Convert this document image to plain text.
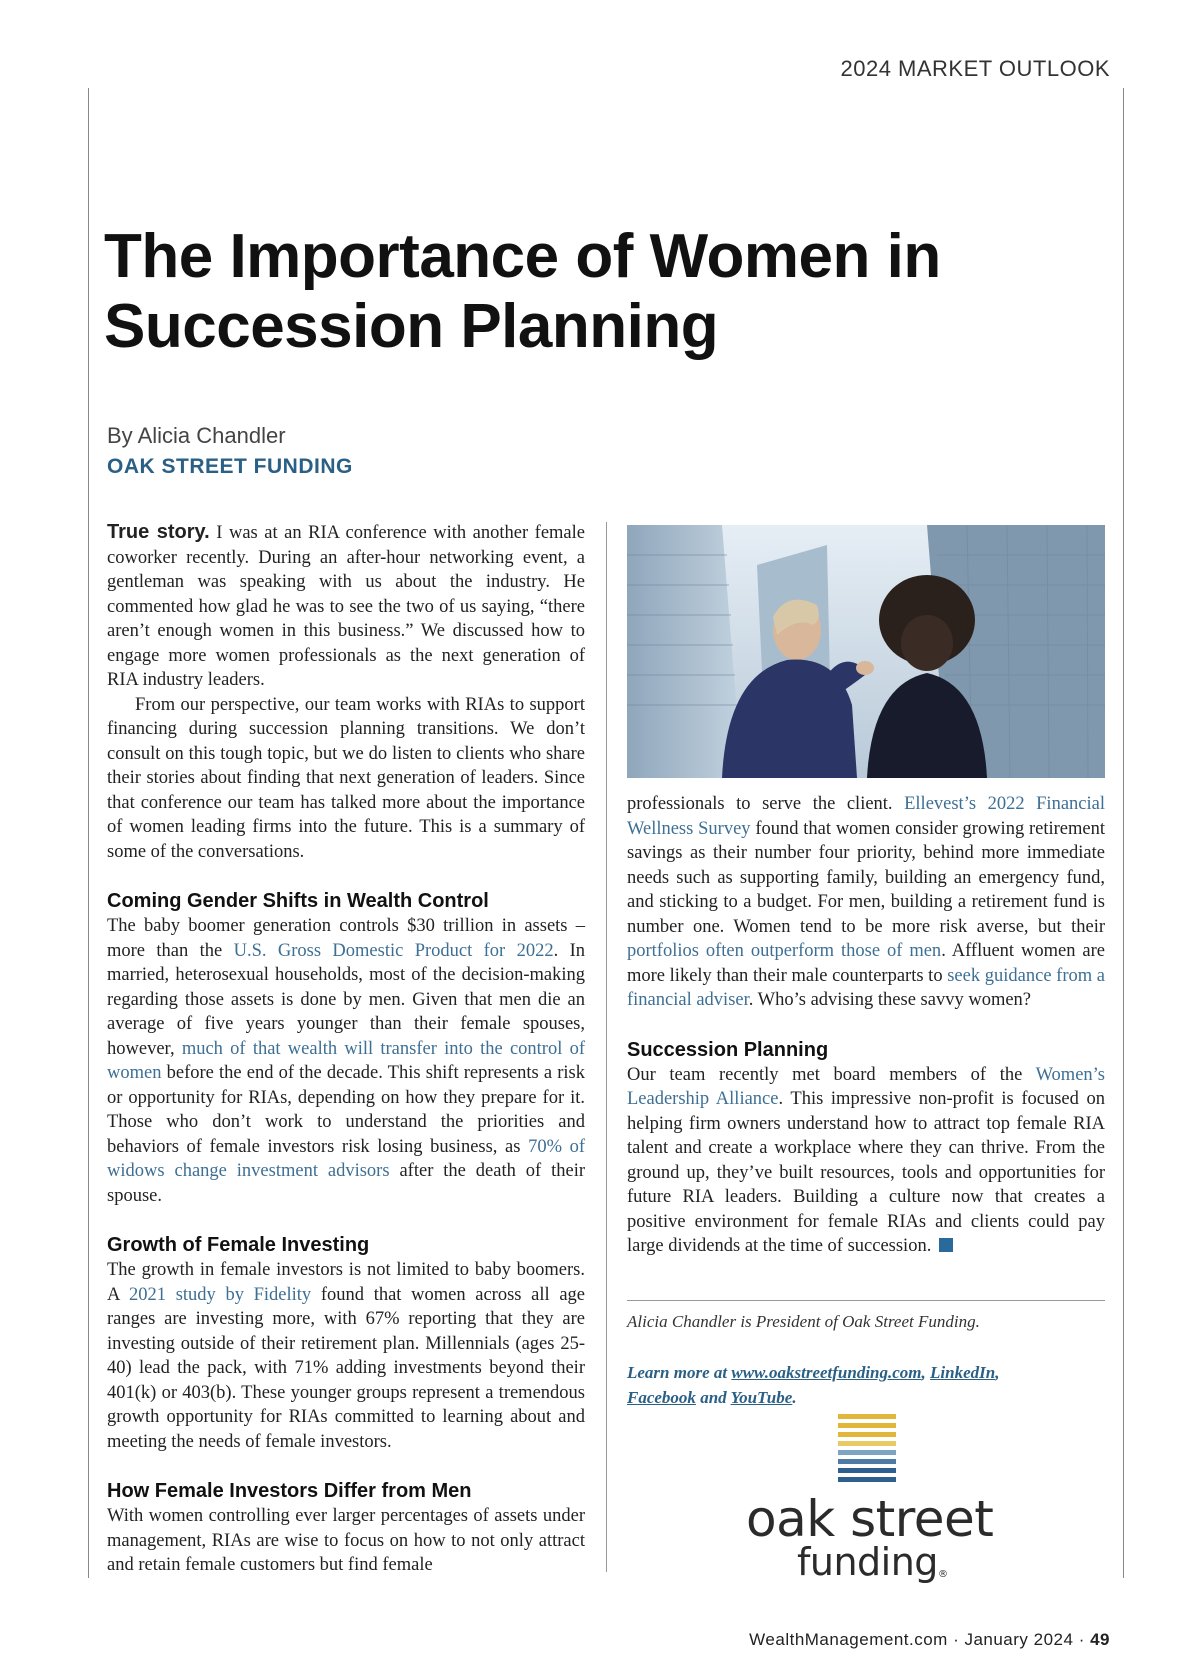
2024 MARKET OUTLOOK
The Importance of Women in Succession Planning
By Alicia Chandler
OAK STREET FUNDING

True story. I was at an RIA conference with another female coworker recently. During an after-hour networking event, a gentleman was speaking with us about the industry. He commented how glad he was to see the two of us saying, “there aren’t enough women in this business.” We discussed how to engage more women professionals as the next generation of RIA industry leaders.

From our perspective, our team works with RIAs to support financing during succession planning transitions. We don’t consult on this tough topic, but we do listen to clients who share their stories about finding that next generation of leaders. Since that conference our team has talked more about the importance of women leading firms into the future. This is a summary of some of the conversations.

Coming Gender Shifts in Wealth Control

The baby boomer generation controls $30 trillion in assets – more than the U.S. Gross Domestic Product for 2022. In married, heterosexual households, most of the decision-making regarding those assets is done by men. Given that men die an average of five years younger than their female spouses, however, much of that wealth will transfer into the control of women before the end of the decade. This shift represents a risk or opportunity for RIAs, depending on how they prepare for it. Those who don’t work to understand the priorities and behaviors of female investors risk losing business, as 70% of widows change investment advisors after the death of their spouse.

Growth of Female Investing

The growth in female investors is not limited to baby boomers. A 2021 study by Fidelity found that women across all age ranges are investing more, with 67% reporting that they are investing outside of their retirement plan. Millennials (ages 25-40) lead the pack, with 71% adding investments beyond their 401(k) or 403(b). These younger groups represent a tremendous growth opportunity for RIAs committed to learning about and meeting the needs of female investors.

How Female Investors Differ from Men

With women controlling ever larger percentages of assets under management, RIAs are wise to focus on how to not only attract and retain female customers but find female

professionals to serve the client. Ellevest’s 2022 Financial Wellness Survey found that women consider growing retirement savings as their number four priority, behind more immediate needs such as supporting family, building an emergency fund, and sticking to a budget. For men, building a retirement fund is number one. Women tend to be more risk averse, but their portfolios often outperform those of men. Affluent women are more likely than their male counterparts to seek guidance from a financial adviser. Who’s advising these savvy women?

Succession Planning

Our team recently met board members of the Women’s Leadership Alliance. This impressive non-profit is focused on helping firm owners understand how to attract top female RIA talent and create a workplace where they can thrive. From the ground up, they’ve built resources, tools and opportunities for future RIA leaders. Building a culture now that creates a positive environment for female RIAs and clients could pay large dividends at the time of succession.

Alicia Chandler is President of Oak Street Funding.
Learn more at www.oakstreetfunding.com, LinkedIn,
Facebook and YouTube.
oak street
funding®
WealthManagement.com · January 2024 · 49
